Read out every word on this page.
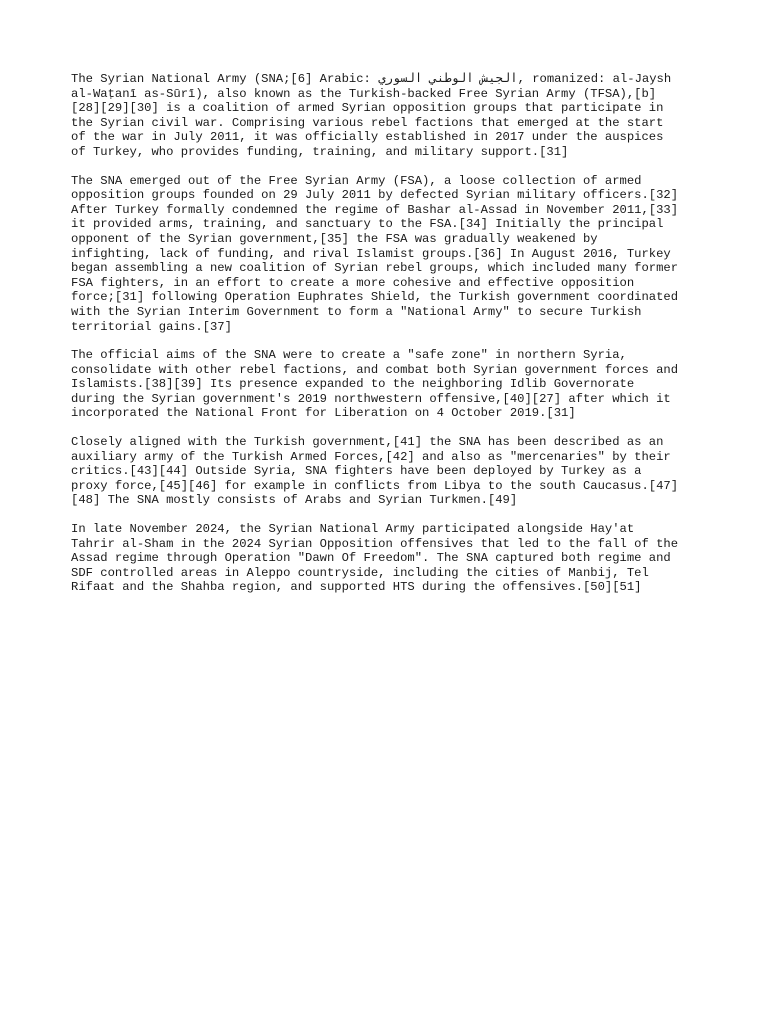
The Syrian National Army (SNA;[6] Arabic: الجيش الوطني السوري, romanized: al-Jaysh
al-Waṭanī as-Sūrī), also known as the Turkish-backed Free Syrian Army (TFSA),[b]
[28][29][30] is a coalition of armed Syrian opposition groups that participate in
the Syrian civil war. Comprising various rebel factions that emerged at the start
of the war in July 2011, it was officially established in 2017 under the auspices
of Turkey, who provides funding, training, and military support.[31]

The SNA emerged out of the Free Syrian Army (FSA), a loose collection of armed
opposition groups founded on 29 July 2011 by defected Syrian military officers.[32]
After Turkey formally condemned the regime of Bashar al-Assad in November 2011,[33]
it provided arms, training, and sanctuary to the FSA.[34] Initially the principal
opponent of the Syrian government,[35] the FSA was gradually weakened by
infighting, lack of funding, and rival Islamist groups.[36] In August 2016, Turkey
began assembling a new coalition of Syrian rebel groups, which included many former
FSA fighters, in an effort to create a more cohesive and effective opposition
force;[31] following Operation Euphrates Shield, the Turkish government coordinated
with the Syrian Interim Government to form a "National Army" to secure Turkish
territorial gains.[37]

The official aims of the SNA were to create a "safe zone" in northern Syria,
consolidate with other rebel factions, and combat both Syrian government forces and
Islamists.[38][39] Its presence expanded to the neighboring Idlib Governorate
during the Syrian government's 2019 northwestern offensive,[40][27] after which it
incorporated the National Front for Liberation on 4 October 2019.[31]

Closely aligned with the Turkish government,[41] the SNA has been described as an
auxiliary army of the Turkish Armed Forces,[42] and also as "mercenaries" by their
critics.[43][44] Outside Syria, SNA fighters have been deployed by Turkey as a
proxy force,[45][46] for example in conflicts from Libya to the south Caucasus.[47]
[48] The SNA mostly consists of Arabs and Syrian Turkmen.[49]

In late November 2024, the Syrian National Army participated alongside Hay'at
Tahrir al-Sham in the 2024 Syrian Opposition offensives that led to the fall of the
Assad regime through Operation "Dawn Of Freedom". The SNA captured both regime and
SDF controlled areas in Aleppo countryside, including the cities of Manbij, Tel
Rifaat and the Shahba region, and supported HTS during the offensives.[50][51]
